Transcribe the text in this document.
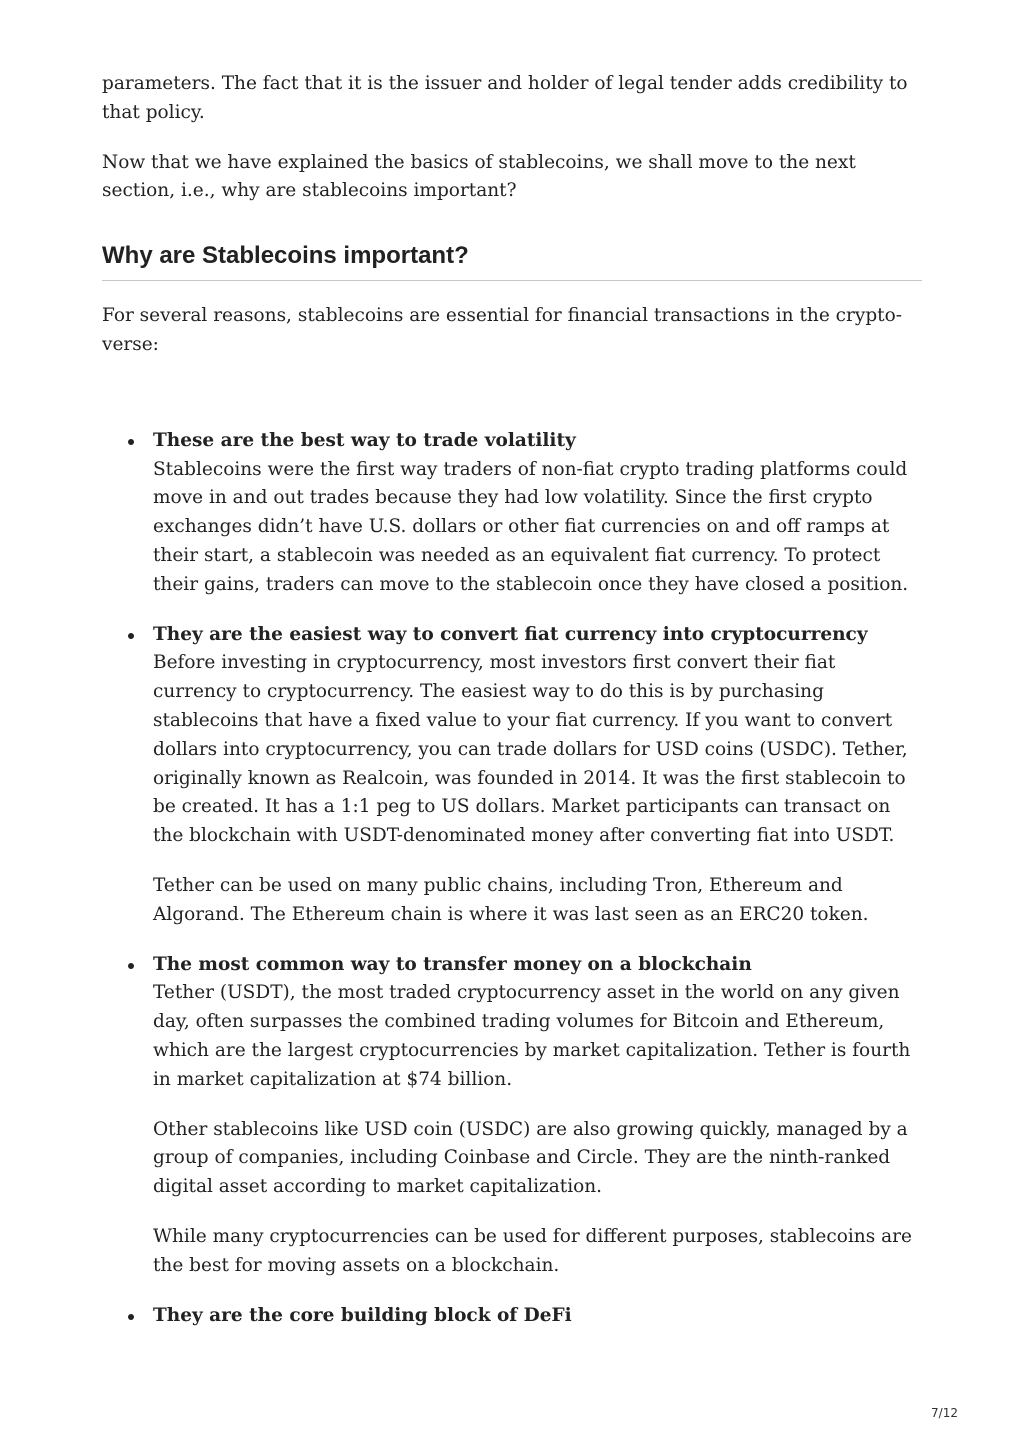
parameters. The fact that it is the issuer and holder of legal tender adds credibility to that policy.

Now that we have explained the basics of stablecoins, we shall move to the next section, i.e., why are stablecoins important?

Why are Stablecoins important?

For several reasons, stablecoins are essential for financial transactions in the crypto-verse:

These are the best way to trade volatility

Stablecoins were the first way traders of non-fiat crypto trading platforms could move in and out trades because they had low volatility. Since the first crypto exchanges didn’t have U.S. dollars or other fiat currencies on and off ramps at their start, a stablecoin was needed as an equivalent fiat currency. To protect their gains, traders can move to the stablecoin once they have closed a position.

They are the easiest way to convert fiat currency into cryptocurrency

Before investing in cryptocurrency, most investors first convert their fiat currency to cryptocurrency. The easiest way to do this is by purchasing stablecoins that have a fixed value to your fiat currency. If you want to convert dollars into cryptocurrency, you can trade dollars for USD coins (USDC). Tether, originally known as Realcoin, was founded in 2014. It was the first stablecoin to be created. It has a 1:1 peg to US dollars. Market participants can transact on the blockchain with USDT-denominated money after converting fiat into USDT.

Tether can be used on many public chains, including Tron, Ethereum and Algorand. The Ethereum chain is where it was last seen as an ERC20 token.

The most common way to transfer money on a blockchain

Tether (USDT), the most traded cryptocurrency asset in the world on any given day, often surpasses the combined trading volumes for Bitcoin and Ethereum, which are the largest cryptocurrencies by market capitalization. Tether is fourth in market capitalization at $74 billion.

Other stablecoins like USD coin (USDC) are also growing quickly, managed by a group of companies, including Coinbase and Circle. They are the ninth-ranked digital asset according to market capitalization.

While many cryptocurrencies can be used for different purposes, stablecoins are the best for moving assets on a blockchain.

They are the core building block of DeFi
7/12
